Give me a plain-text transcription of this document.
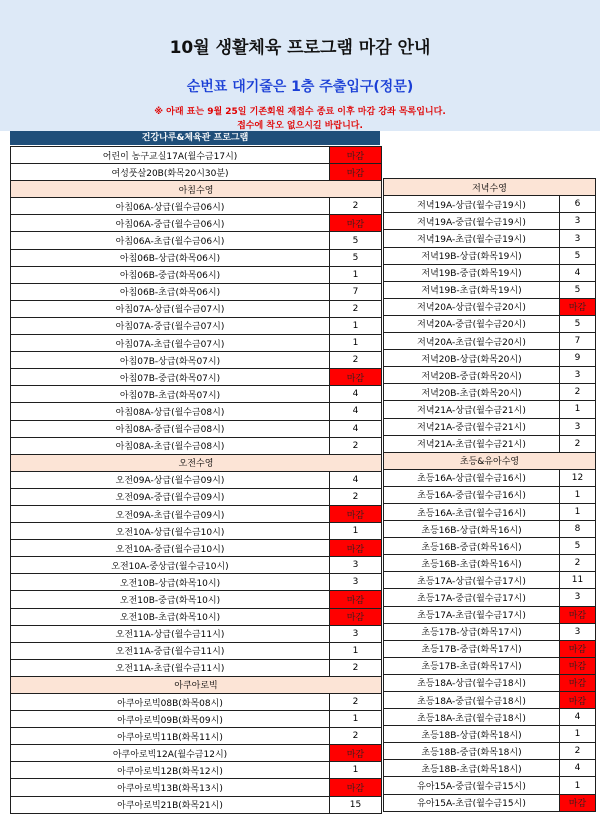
10월 생활체육 프로그램 마감 안내
순번표 대기줄은 1층 주출입구(정문)
※ 아래 표는 9월 25일 기존회원 재접수 종료 이후 마감 강좌 목록입니다.
접수에 착오 없으시길 바랍니다.
건강나루&체육관 프로그램
어린이 농구교실17A(월수금17시)	마감
여성풋살20B(화목20시30분)	마감
아침수영	
아침06A-상급(월수금06시)	2
아침06A-중급(월수금06시)	마감
아침06A-초급(월수금06시)	5
아침06B-상급(화목06시)	5
아침06B-중급(화목06시)	1
아침06B-초급(화목06시)	7
아침07A-상급(월수금07시)	2
아침07A-중급(월수금07시)	1
아침07A-초급(월수금07시)	1
아침07B-상급(화목07시)	2
아침07B-중급(화목07시)	마감
아침07B-초급(화목07시)	4
아침08A-상급(월수금08시)	4
아침08A-중급(월수금08시)	4
아침08A-초급(월수금08시)	2
오전수영	
오전09A-상급(월수금09시)	4
오전09A-중급(월수금09시)	2
오전09A-초급(월수금09시)	마감
오전10A-상급(월수금10시)	1
오전10A-중급(월수금10시)	마감
오전10A-중상급(월수금10시)	3
오전10B-상급(화목10시)	3
오전10B-중급(화목10시)	마감
오전10B-초급(화목10시)	마감
오전11A-상급(월수금11시)	3
오전11A-중급(월수금11시)	1
오전11A-초급(월수금11시)	2
아쿠아로빅	
아쿠아로빅08B(화목08시)	2
아쿠아로빅09B(화목09시)	1
아쿠아로빅11B(화목11시)	2
아쿠아로빅12A(월수금12시)	마감
아쿠아로빅12B(화목12시)	1
아쿠아로빅13B(화목13시)	마감
아쿠아로빅21B(화목21시)	15

저녁수영	
저녁19A-상급(월수금19시)	6
저녁19A-중급(월수금19시)	3
저녁19A-초급(월수금19시)	3
저녁19B-상급(화목19시)	5
저녁19B-중급(화목19시)	4
저녁19B-초급(화목19시)	5
저녁20A-상급(월수금20시)	마감
저녁20A-중급(월수금20시)	5
저녁20A-초급(월수금20시)	7
저녁20B-상급(화목20시)	9
저녁20B-중급(화목20시)	3
저녁20B-초급(화목20시)	2
저녁21A-상급(월수금21시)	1
저녁21A-중급(월수금21시)	3
저녁21A-초급(월수금21시)	2
초등&유아수영	
초등16A-상급(월수금16시)	12
초등16A-중급(월수금16시)	1
초등16A-초급(월수금16시)	1
초등16B-상급(화목16시)	8
초등16B-중급(화목16시)	5
초등16B-초급(화목16시)	2
초등17A-상급(월수금17시)	11
초등17A-중급(월수금17시)	3
초등17A-초급(월수금17시)	마감
초등17B-상급(화목17시)	3
초등17B-중급(화목17시)	마감
초등17B-초급(화목17시)	마감
초등18A-상급(월수금18시)	마감
초등18A-중급(월수금18시)	마감
초등18A-초급(월수금18시)	4
초등18B-상급(화목18시)	1
초등18B-중급(화목18시)	2
초등18B-초급(화목18시)	4
유아15A-중급(월수금15시)	1
유아15A-초급(월수금15시)	마감
